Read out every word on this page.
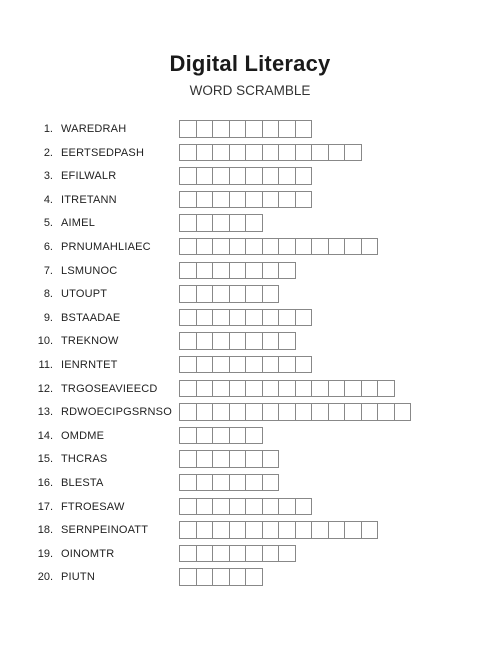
Digital Literacy
WORD SCRAMBLE
1. WAREDRAH
2. EERTSEDPASH
3. EFILWALR
4. ITRETANN
5. AIMEL
6. PRNUMAHLIAEC
7. LSMUNOC
8. UTOUPT
9. BSTAADAE
10. TREKNOW
11. IENRNTET
12. TRGOSEAVIEECD
13. RDWOECIPGSRNSO
14. OMDME
15. THCRAS
16. BLESTA
17. FTROESAW
18. SERNPEINOATT
19. OINOMTR
20. PIUTN
